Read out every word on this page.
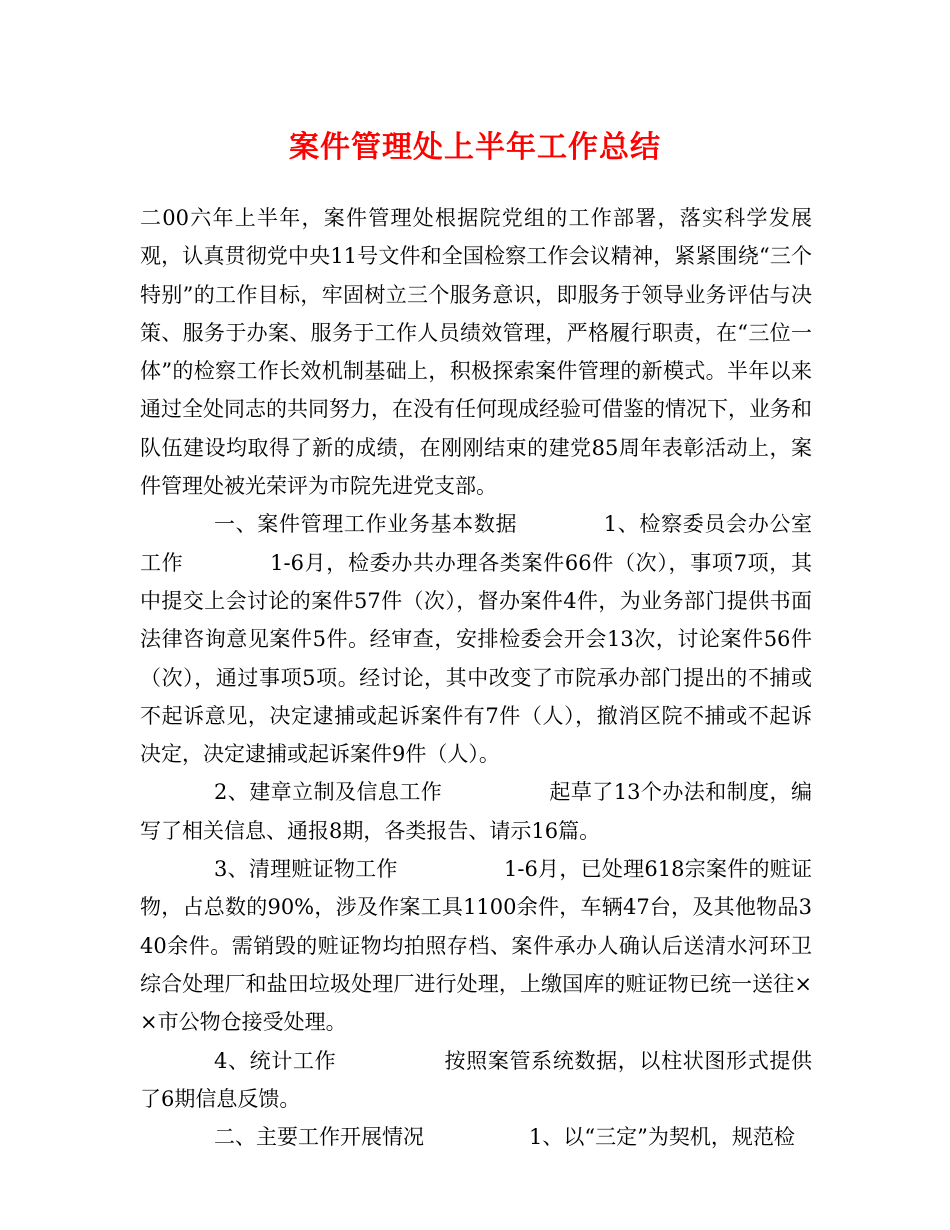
案件管理处上半年工作总结

二00六年上半年，案件管理处根据院党组的工作部署，落实科学发展观，认真贯彻党中央11号文件和全国检察工作会议精神，紧紧围绕“三个特别”的工作目标，牢固树立三个服务意识，即服务于领导业务评估与决策、服务于办案、服务于工作人员绩效管理，严格履行职责，在“三位一体”的检察工作长效机制基础上，积极探索案件管理的新模式。半年以来通过全处同志的共同努力，在没有任何现成经验可借鉴的情况下，业务和队伍建设均取得了新的成绩，在刚刚结束的建党85周年表彰活动上，案件管理处被光荣评为市院先进党支部。

一、案件管理工作业务基本数据　　　　1、检察委员会办公室工作　　　　1-6月，检委办共办理各类案件66件（次），事项7项，其中提交上会讨论的案件57件（次），督办案件4件，为业务部门提供书面法律咨询意见案件5件。经审查，安排检委会开会13次，讨论案件56件（次），通过事项5项。经讨论，其中改变了市院承办部门提出的不捕或不起诉意见，决定逮捕或起诉案件有7件（人），撤消区院不捕或不起诉决定，决定逮捕或起诉案件9件（人）。

2、建章立制及信息工作　　　　　起草了13个办法和制度，编写了相关信息、通报8期，各类报告、请示16篇。

3、清理赃证物工作　　　　　1-6月，已处理618宗案件的赃证物，占总数的90%，涉及作案工具1100余件，车辆47台，及其他物品340余件。需销毁的赃证物均拍照存档、案件承办人确认后送清水河环卫综合处理厂和盐田垃圾处理厂进行处理，上缴国库的赃证物已统一送往××市公物仓接受处理。

4、统计工作　　　　　按照案管系统数据，以柱状图形式提供了6期信息反馈。

二、主要工作开展情况　　　　　1、以“三定”为契机，规范检
